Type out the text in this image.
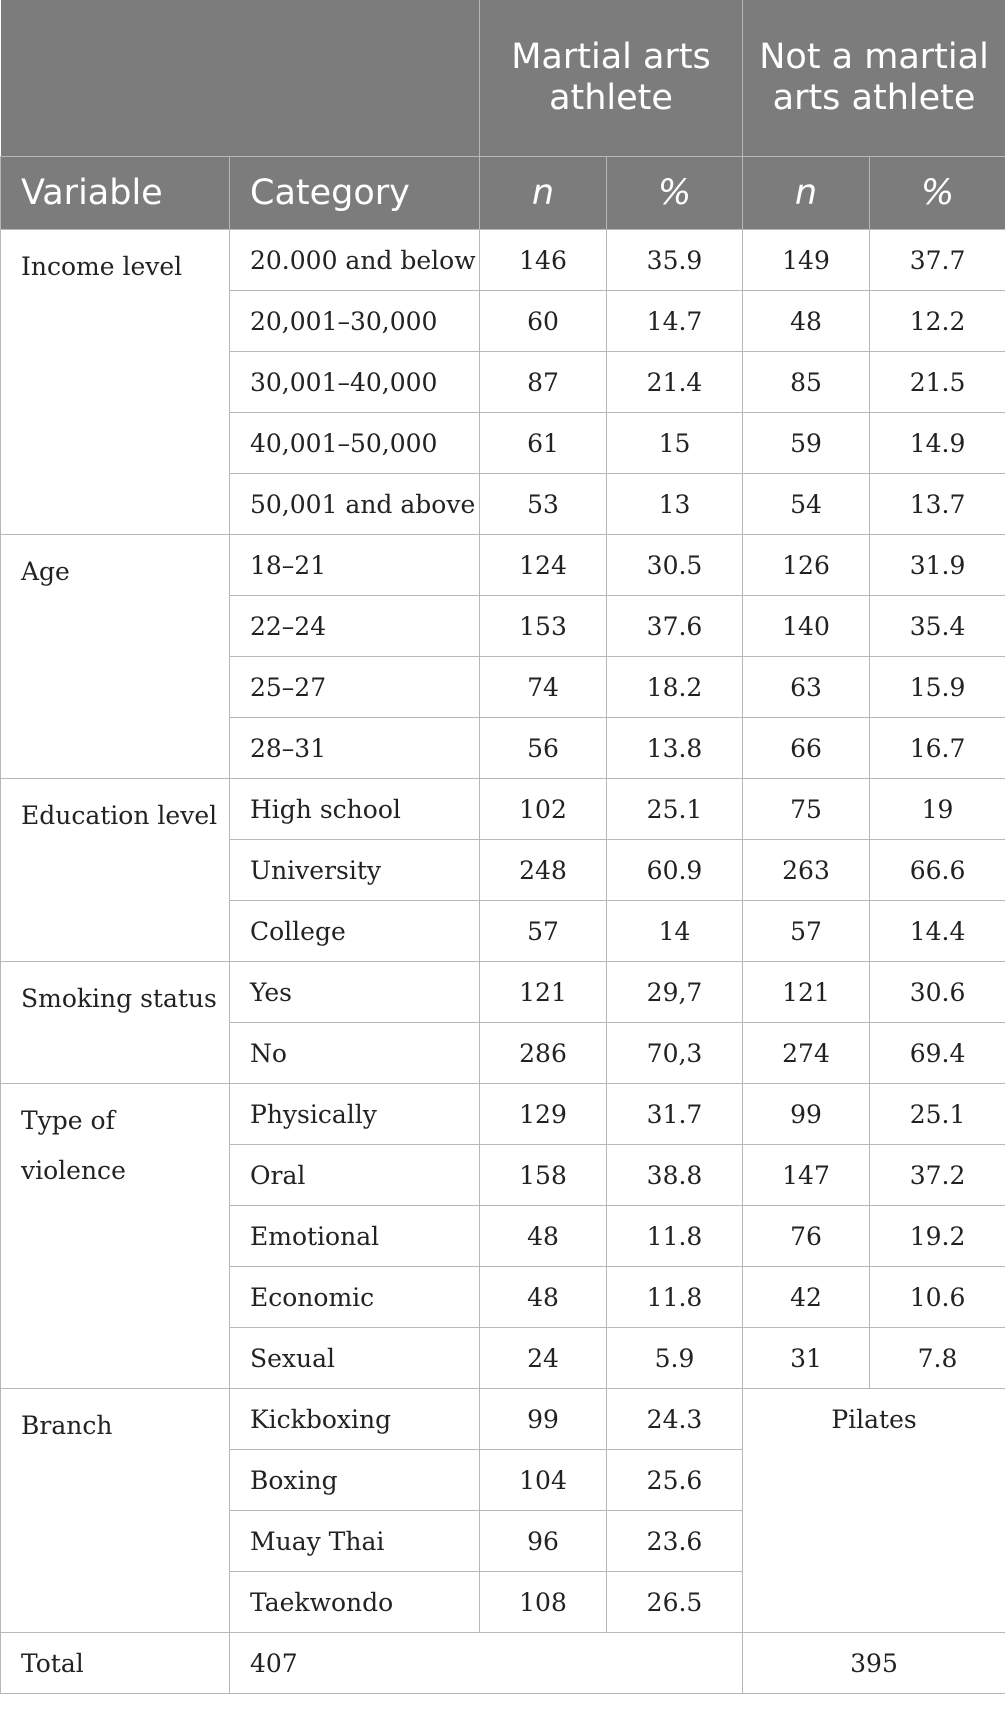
		Martial arts athlete		Not a martial arts athlete	
Variable	Category	n	%	n	%
Income level	20.000 and below	146	35.9	149	37.7
	20,001–30,000	60	14.7	48	12.2
	30,001–40,000	87	21.4	85	21.5
	40,001–50,000	61	15	59	14.9
	50,001 and above	53	13	54	13.7
Age	18–21	124	30.5	126	31.9
	22–24	153	37.6	140	35.4
	25–27	74	18.2	63	15.9
	28–31	56	13.8	66	16.7
Education level	High school	102	25.1	75	19
	University	248	60.9	263	66.6
	College	57	14	57	14.4
Smoking status	Yes	121	29,7	121	30.6
	No	286	70,3	274	69.4
Type of violence	Physically	129	31.7	99	25.1
	Oral	158	38.8	147	37.2
	Emotional	48	11.8	76	19.2
	Economic	48	11.8	42	10.6
	Sexual	24	5.9	31	7.8
Branch	Kickboxing	99	24.3	Pilates	
	Boxing	104	25.6		
	Muay Thai	96	23.6		
	Taekwondo	108	26.5		
Total	407			395	
